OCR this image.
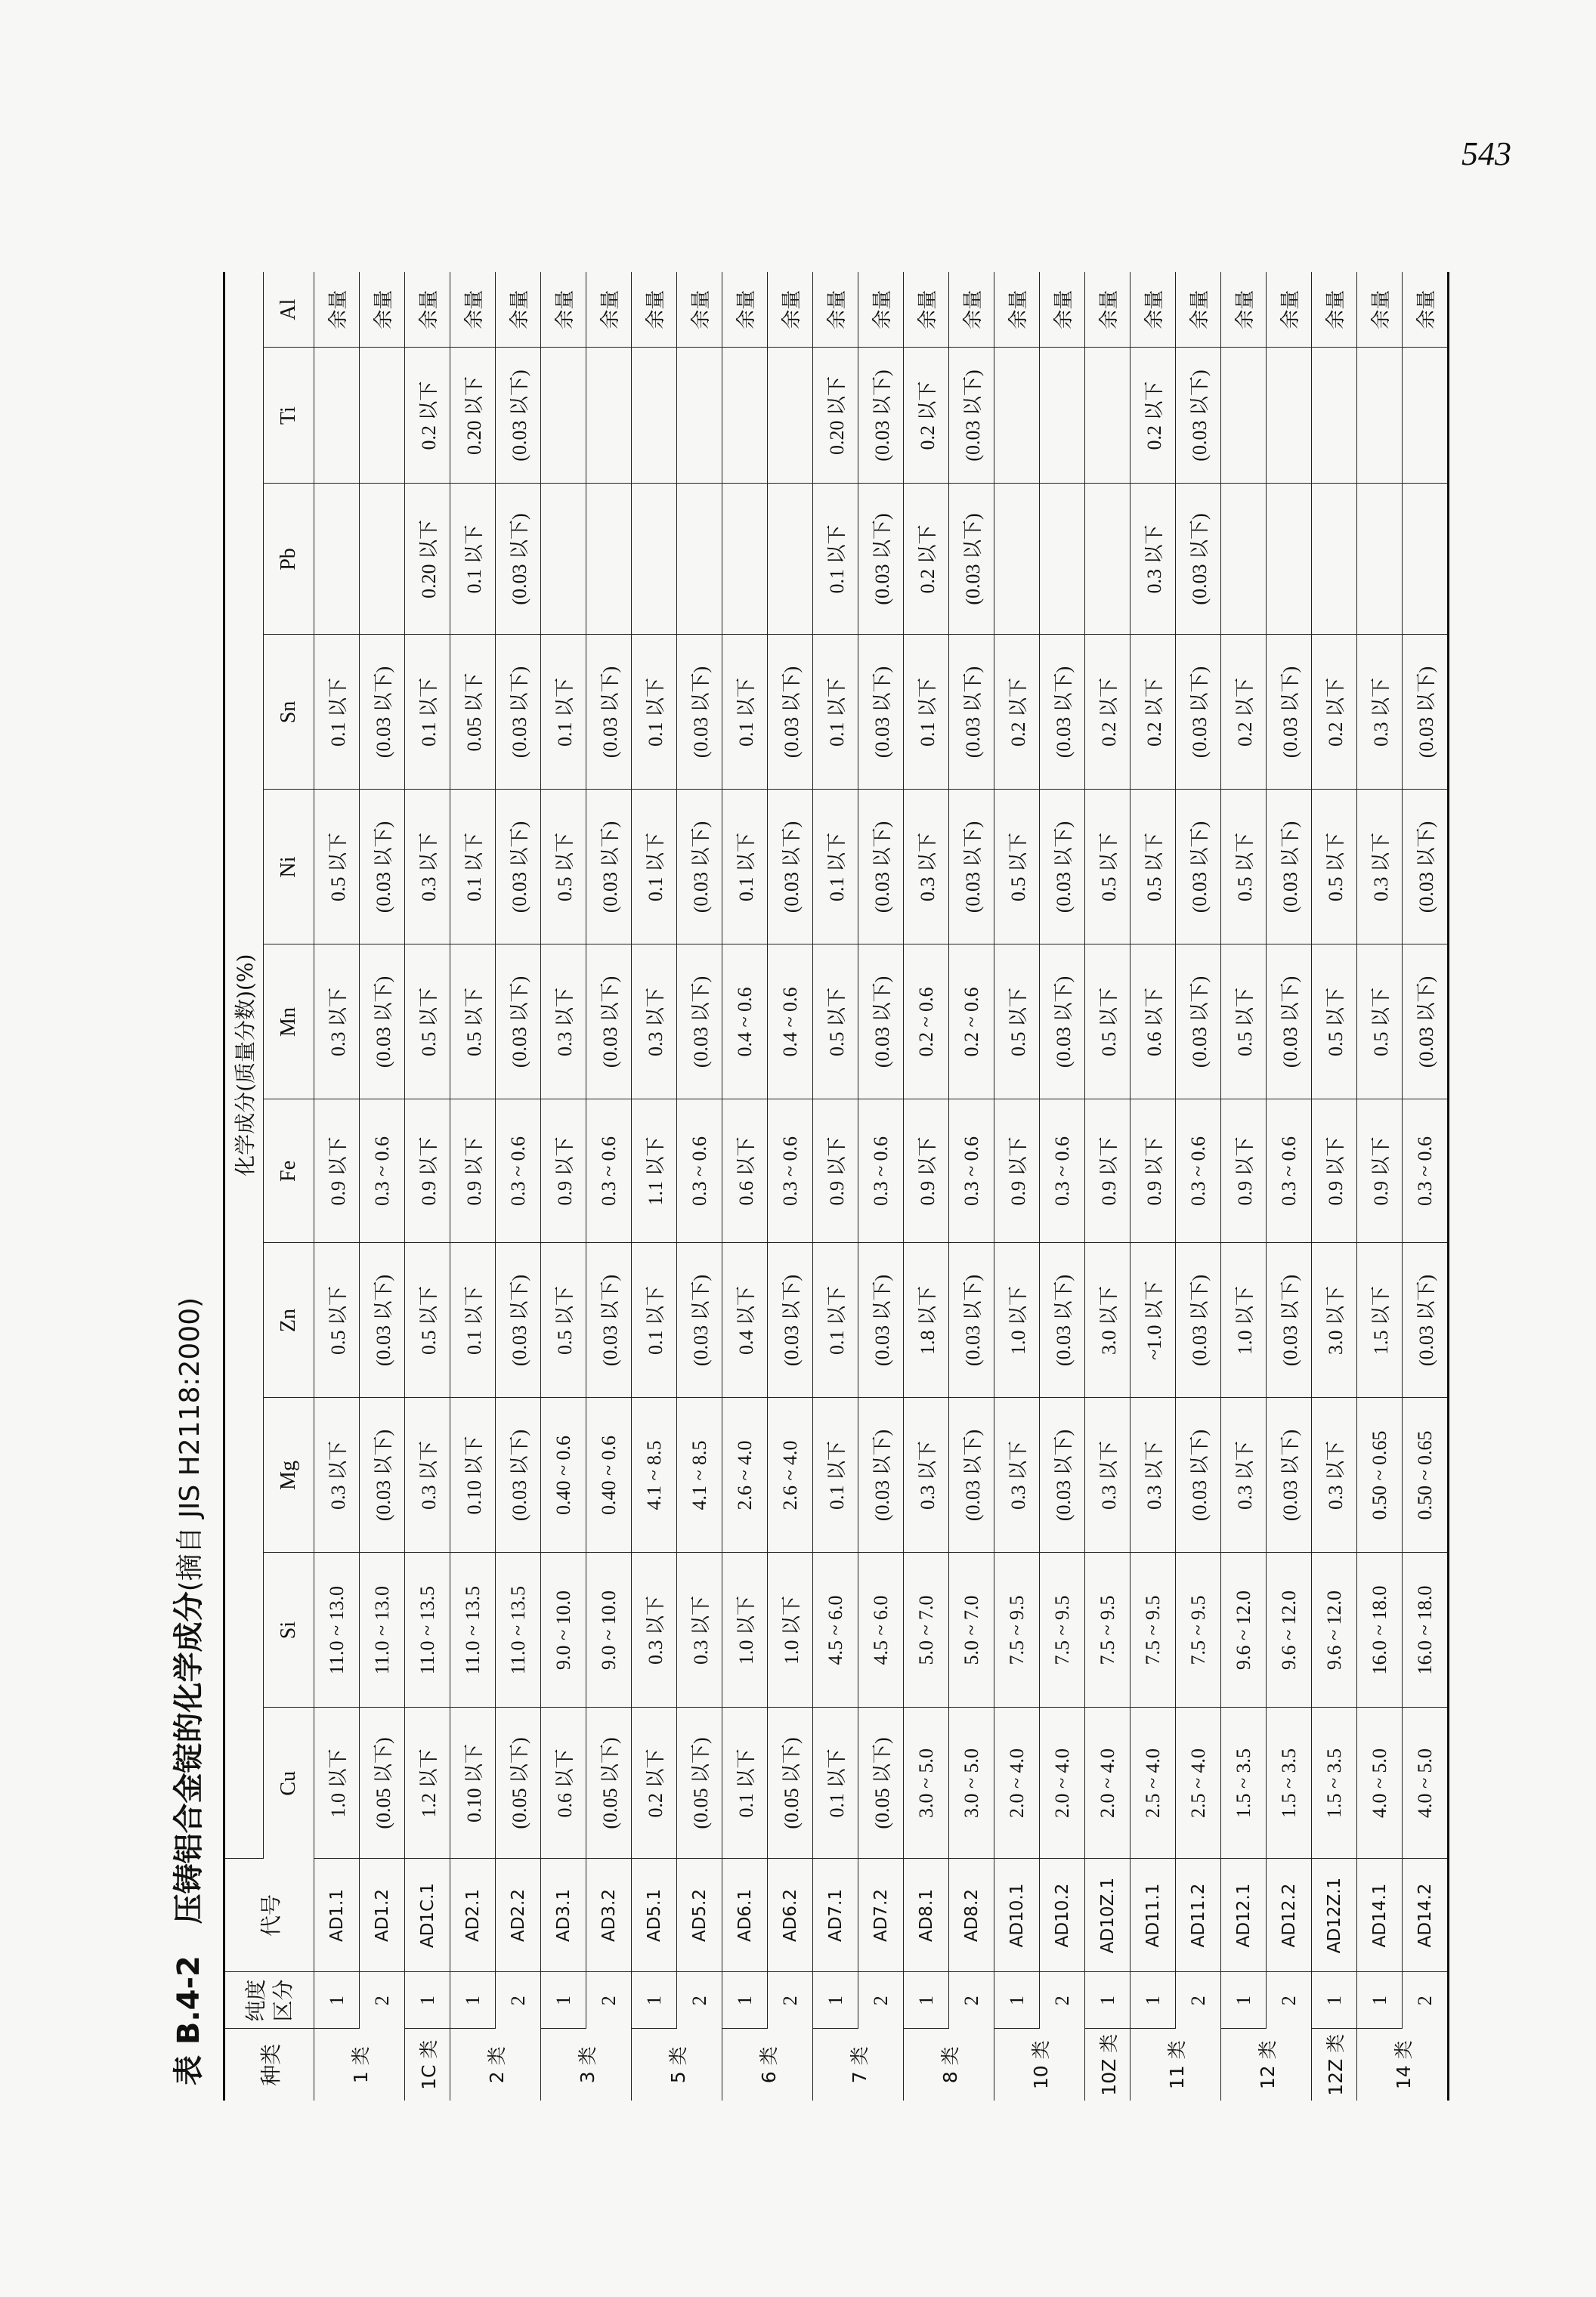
543
表 B.4-2   压铸铝合金锭的化学成分(摘自 JIS H2118:2000)
种类	纯度
区分	代号	化学成分(质量分数)(%)										
			Cu	Si	Mg	Zn	Fe	Mn	Ni	Sn	Pb	Ti	Al
1 类	1	AD1.1	1.0 以下	11.0 ~ 13.0	0.3 以下	0.5 以下	0.9 以下	0.3 以下	0.5 以下	0.1 以下			余量
	2	AD1.2	(0.05 以下)	11.0 ~ 13.0	(0.03 以下)	(0.03 以下)	0.3 ~ 0.6	(0.03 以下)	(0.03 以下)	(0.03 以下)			余量
1C 类	1	AD1C.1	1.2 以下	11.0 ~ 13.5	0.3 以下	0.5 以下	0.9 以下	0.5 以下	0.3 以下	0.1 以下	0.20 以下	0.2 以下	余量
2 类	1	AD2.1	0.10 以下	11.0 ~ 13.5	0.10 以下	0.1 以下	0.9 以下	0.5 以下	0.1 以下	0.05 以下	0.1 以下	0.20 以下	余量
	2	AD2.2	(0.05 以下)	11.0 ~ 13.5	(0.03 以下)	(0.03 以下)	0.3 ~ 0.6	(0.03 以下)	(0.03 以下)	(0.03 以下)	(0.03 以下)	(0.03 以下)	余量
3 类	1	AD3.1	0.6 以下	9.0 ~ 10.0	0.40 ~ 0.6	0.5 以下	0.9 以下	0.3 以下	0.5 以下	0.1 以下			余量
	2	AD3.2	(0.05 以下)	9.0 ~ 10.0	0.40 ~ 0.6	(0.03 以下)	0.3 ~ 0.6	(0.03 以下)	(0.03 以下)	(0.03 以下)			余量
5 类	1	AD5.1	0.2 以下	0.3 以下	4.1 ~ 8.5	0.1 以下	1.1 以下	0.3 以下	0.1 以下	0.1 以下			余量
	2	AD5.2	(0.05 以下)	0.3 以下	4.1 ~ 8.5	(0.03 以下)	0.3 ~ 0.6	(0.03 以下)	(0.03 以下)	(0.03 以下)			余量
6 类	1	AD6.1	0.1 以下	1.0 以下	2.6 ~ 4.0	0.4 以下	0.6 以下	0.4 ~ 0.6	0.1 以下	0.1 以下			余量
	2	AD6.2	(0.05 以下)	1.0 以下	2.6 ~ 4.0	(0.03 以下)	0.3 ~ 0.6	0.4 ~ 0.6	(0.03 以下)	(0.03 以下)			余量
7 类	1	AD7.1	0.1 以下	4.5 ~ 6.0	0.1 以下	0.1 以下	0.9 以下	0.5 以下	0.1 以下	0.1 以下	0.1 以下	0.20 以下	余量
	2	AD7.2	(0.05 以下)	4.5 ~ 6.0	(0.03 以下)	(0.03 以下)	0.3 ~ 0.6	(0.03 以下)	(0.03 以下)	(0.03 以下)	(0.03 以下)	(0.03 以下)	余量
8 类	1	AD8.1	3.0 ~ 5.0	5.0 ~ 7.0	0.3 以下	1.8 以下	0.9 以下	0.2 ~ 0.6	0.3 以下	0.1 以下	0.2 以下	0.2 以下	余量
	2	AD8.2	3.0 ~ 5.0	5.0 ~ 7.0	(0.03 以下)	(0.03 以下)	0.3 ~ 0.6	0.2 ~ 0.6	(0.03 以下)	(0.03 以下)	(0.03 以下)	(0.03 以下)	余量
10 类	1	AD10.1	2.0 ~ 4.0	7.5 ~ 9.5	0.3 以下	1.0 以下	0.9 以下	0.5 以下	0.5 以下	0.2 以下			余量
	2	AD10.2	2.0 ~ 4.0	7.5 ~ 9.5	(0.03 以下)	(0.03 以下)	0.3 ~ 0.6	(0.03 以下)	(0.03 以下)	(0.03 以下)			余量
10Z 类	1	AD10Z.1	2.0 ~ 4.0	7.5 ~ 9.5	0.3 以下	3.0 以下	0.9 以下	0.5 以下	0.5 以下	0.2 以下			余量
11 类	1	AD11.1	2.5 ~ 4.0	7.5 ~ 9.5	0.3 以下	~1.0 以下	0.9 以下	0.6 以下	0.5 以下	0.2 以下	0.3 以下	0.2 以下	余量
	2	AD11.2	2.5 ~ 4.0	7.5 ~ 9.5	(0.03 以下)	(0.03 以下)	0.3 ~ 0.6	(0.03 以下)	(0.03 以下)	(0.03 以下)	(0.03 以下)	(0.03 以下)	余量
12 类	1	AD12.1	1.5 ~ 3.5	9.6 ~ 12.0	0.3 以下	1.0 以下	0.9 以下	0.5 以下	0.5 以下	0.2 以下			余量
	2	AD12.2	1.5 ~ 3.5	9.6 ~ 12.0	(0.03 以下)	(0.03 以下)	0.3 ~ 0.6	(0.03 以下)	(0.03 以下)	(0.03 以下)			余量
12Z 类	1	AD12Z.1	1.5 ~ 3.5	9.6 ~ 12.0	0.3 以下	3.0 以下	0.9 以下	0.5 以下	0.5 以下	0.2 以下			余量
14 类	1	AD14.1	4.0 ~ 5.0	16.0 ~ 18.0	0.50 ~ 0.65	1.5 以下	0.9 以下	0.5 以下	0.3 以下	0.3 以下			余量
	2	AD14.2	4.0 ~ 5.0	16.0 ~ 18.0	0.50 ~ 0.65	(0.03 以下)	0.3 ~ 0.6	(0.03 以下)	(0.03 以下)	(0.03 以下)			余量
